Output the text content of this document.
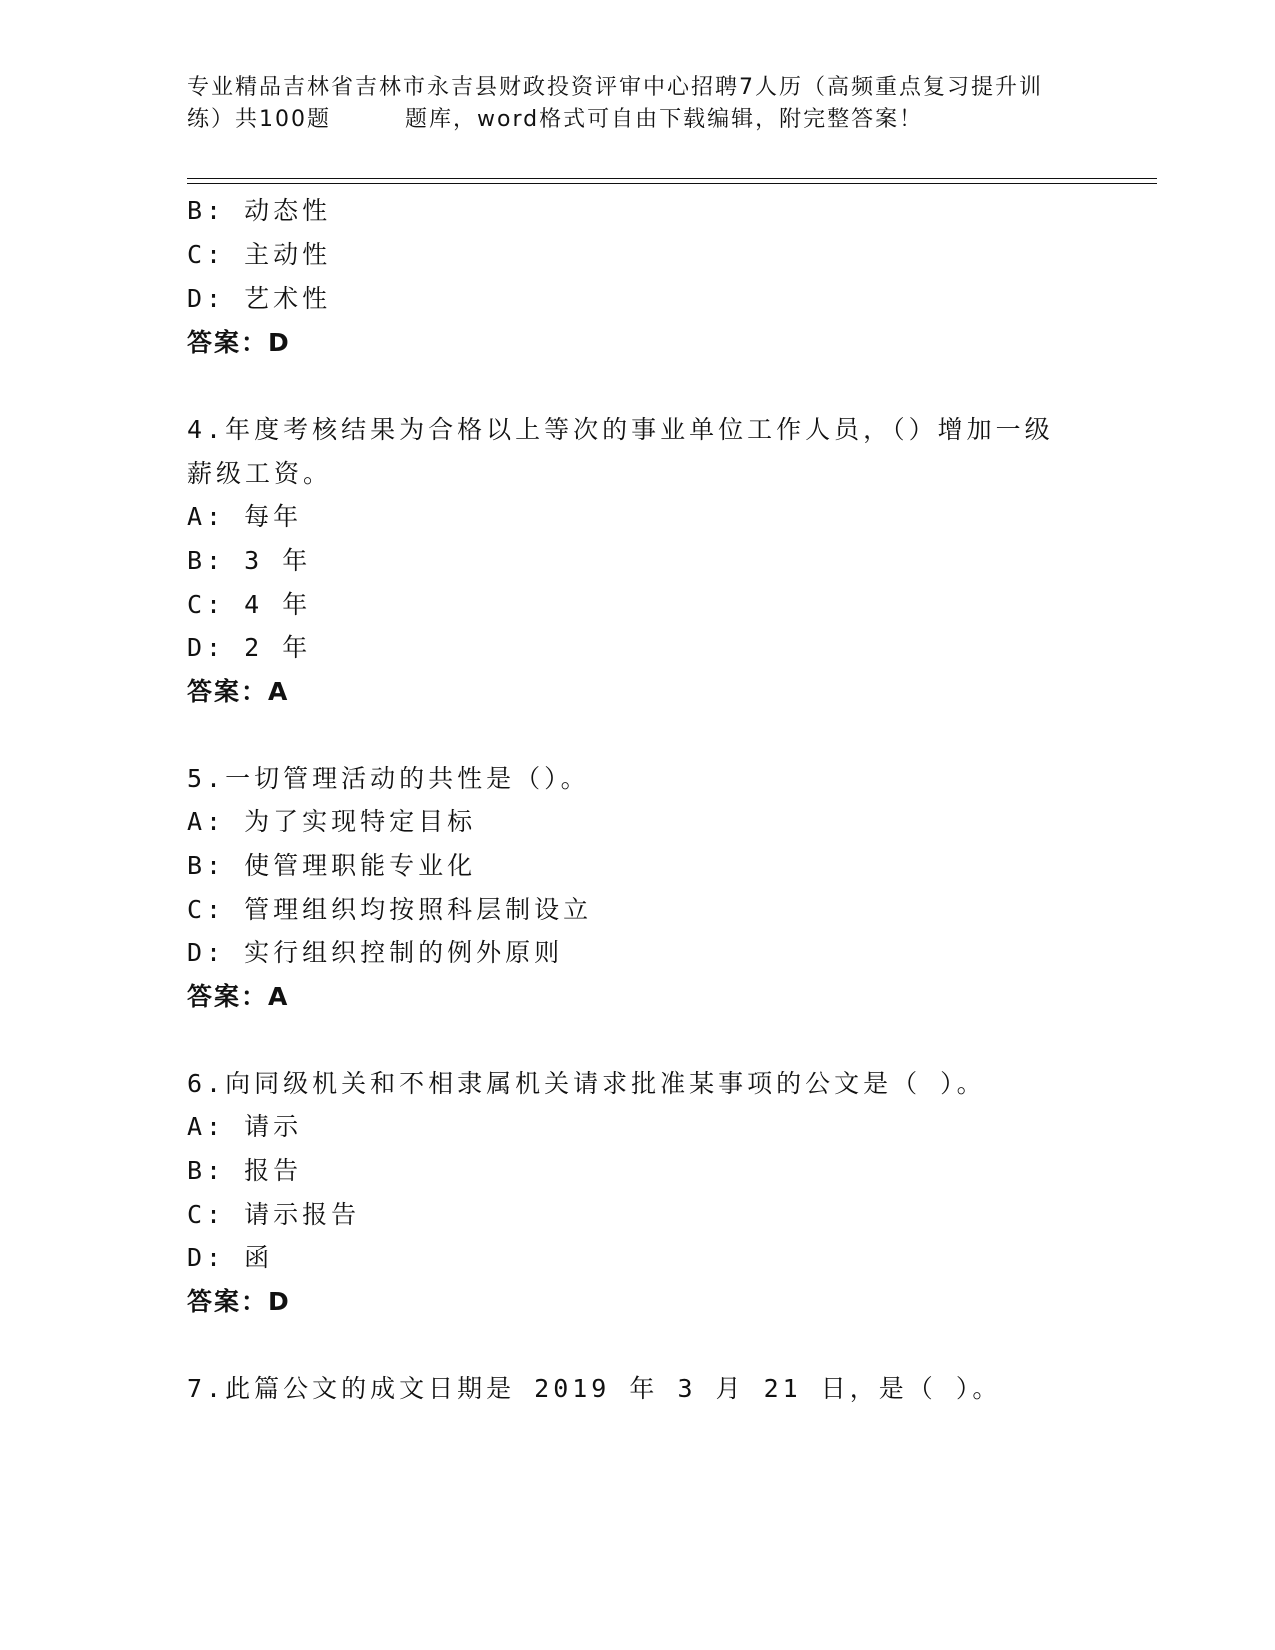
专业精品吉林省吉林市永吉县财政投资评审中心招聘7人历（高频重点复习提升训
练）共100题	题库，word格式可自由下载编辑，附完整答案！
B: 动态性
C: 主动性
D: 艺术性
答案：D
4.年度考核结果为合格以上等次的事业单位工作人员，（）增加一级
薪级工资。
A: 每年
B: 3 年
C: 4 年
D: 2 年
答案：A
5.一切管理活动的共性是（）。
A: 为了实现特定目标
B: 使管理职能专业化
C: 管理组织均按照科层制设立
D: 实行组织控制的例外原则
答案：A
6.向同级机关和不相隶属机关请求批准某事项的公文是（ ）。
A: 请示
B: 报告
C: 请示报告
D: 函
答案：D
7.此篇公文的成文日期是 2019 年 3 月 21 日，是（ ）。
